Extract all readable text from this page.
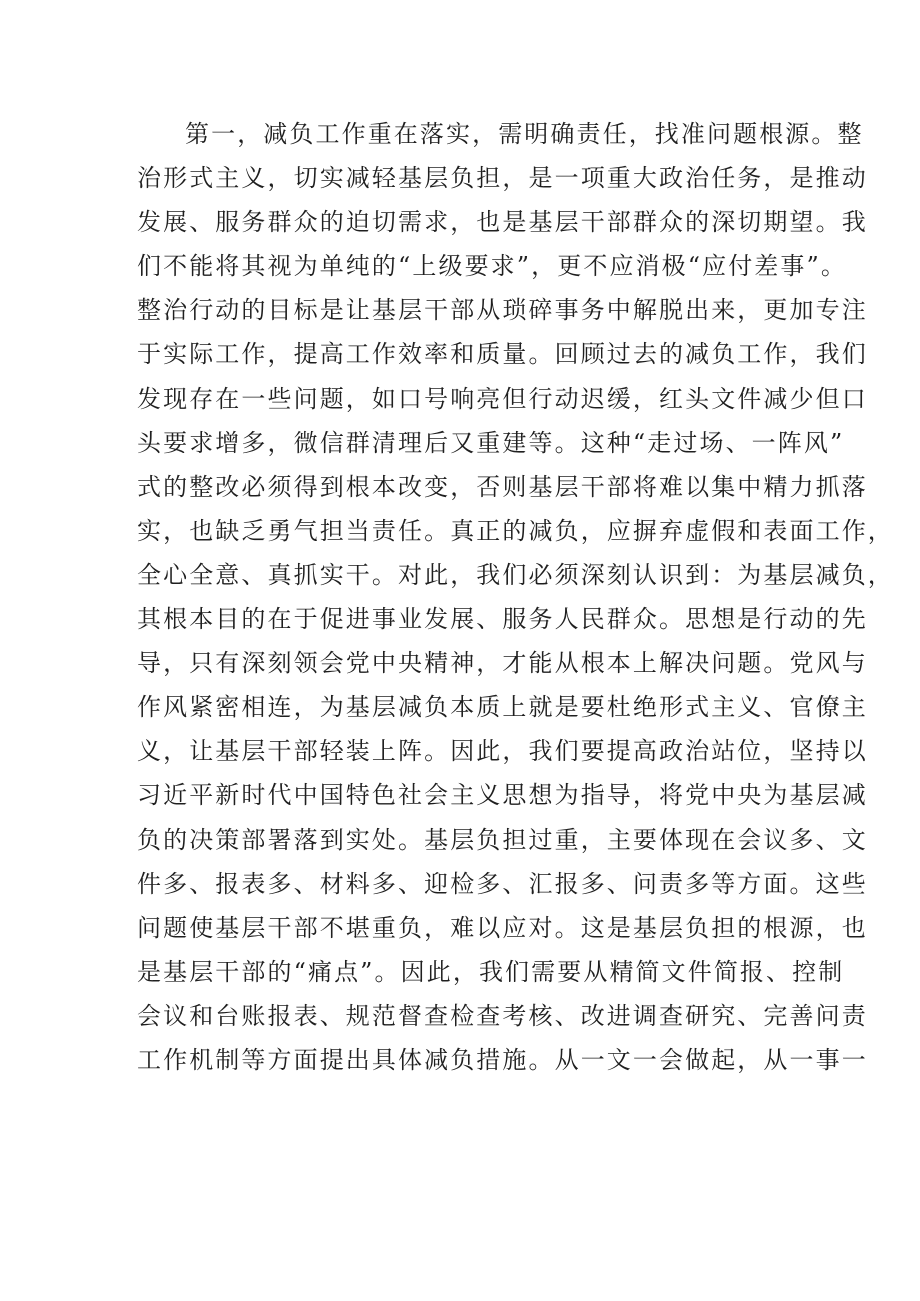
第一，减负工作重在落实，需明确责任，找准问题根源。整
治形式主义，切实减轻基层负担，是一项重大政治任务，是推动
发展、服务群众的迫切需求，也是基层干部群众的深切期望。我
们不能将其视为单纯的“上级要求”，更不应消极“应付差事”。
整治行动的目标是让基层干部从琐碎事务中解脱出来，更加专注
于实际工作，提高工作效率和质量。回顾过去的减负工作，我们
发现存在一些问题，如口号响亮但行动迟缓，红头文件减少但口
头要求增多，微信群清理后又重建等。这种“走过场、一阵风”
式的整改必须得到根本改变，否则基层干部将难以集中精力抓落
实，也缺乏勇气担当责任。真正的减负，应摒弃虚假和表面工作，
全心全意、真抓实干。对此，我们必须深刻认识到：为基层减负，
其根本目的在于促进事业发展、服务人民群众。思想是行动的先
导，只有深刻领会党中央精神，才能从根本上解决问题。党风与
作风紧密相连，为基层减负本质上就是要杜绝形式主义、官僚主
义，让基层干部轻装上阵。因此，我们要提高政治站位，坚持以
习近平新时代中国特色社会主义思想为指导，将党中央为基层减
负的决策部署落到实处。基层负担过重，主要体现在会议多、文
件多、报表多、材料多、迎检多、汇报多、问责多等方面。这些
问题使基层干部不堪重负，难以应对。这是基层负担的根源，也
是基层干部的“痛点”。因此，我们需要从精简文件简报、控制
会议和台账报表、规范督查检查考核、改进调查研究、完善问责
工作机制等方面提出具体减负措施。从一文一会做起，从一事一
